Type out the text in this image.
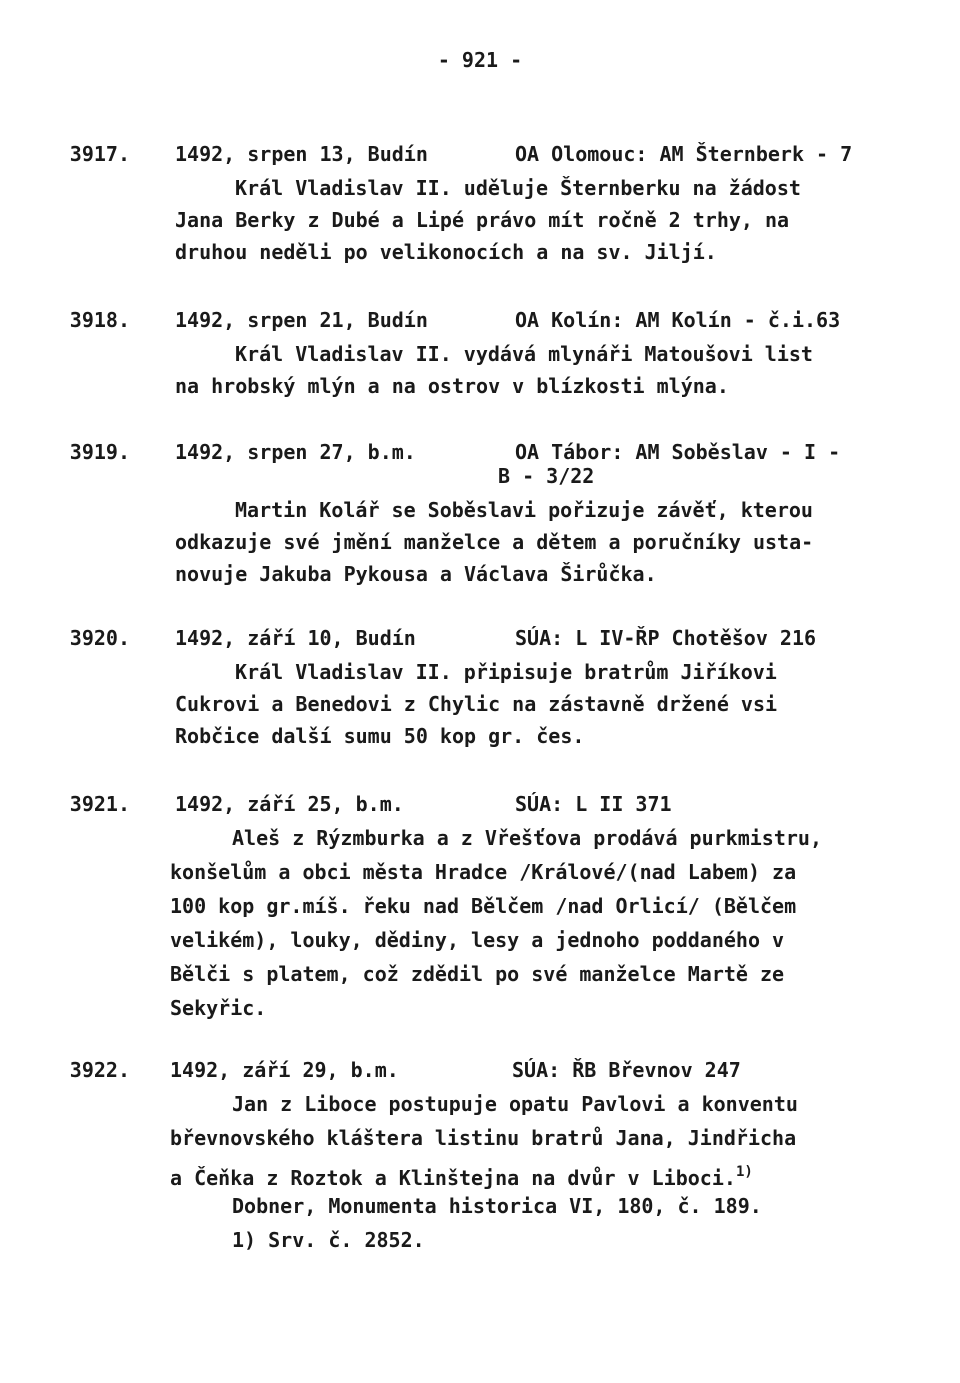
- 921 -
3917. 1492, srpen 13, Budín	OA Olomouc: AM Šternberk - 7
Král Vladislav II. uděluje Šternberku na žádost
Jana Berky z Dubé a Lipé právo mít ročně 2 trhy, na
druhou neděli po velikonocích a na sv. Jiljí.
3918. 1492, srpen 21, Budín	OA Kolín: AM Kolín - č.i.63
Král Vladislav II. vydává mlynáři Matoušovi list
na hrobský mlýn a na ostrov v blízkosti mlýna.
3919. 1492, srpen 27, b.m.	OA Tábor: AM Soběslav - I -
B - 3/22
Martin Kolář se Soběslavi pořizuje závěť, kterou
odkazuje své jmění manželce a dětem a poručníky usta-
novuje Jakuba Pykousa a Václava Širůčka.
3920. 1492, září 10, Budín	SÚA: L IV-ŘP Chotěšov 216
Král Vladislav II. připisuje bratrům Jiříkovi
Cukrovi a Benedovi z Chylic na zástavně držené vsi
Robčice další sumu 50 kop gr. čes.
3921. 1492, září 25, b.m.	SÚA: L II 371
Aleš z Rýzmburka a z Vřešťova prodává purkmistru,
konšelům a obci města Hradce /Králové/(nad Labem) za
100 kop gr.míš. řeku nad Bělčem /nad Orlicí/ (Bělčem
velikém), louky, dědiny, lesy a jednoho poddaného v
Bělči s platem, což zdědil po své manželce Martě ze
Sekyřic.
3922. 1492, září 29, b.m.	SÚA: ŘB Břevnov 247
Jan z Liboce postupuje opatu Pavlovi a konventu
břevnovského kláštera listinu bratrů Jana, Jindřicha
a Čeňka z Roztok a Klinštejna na dvůr v Liboci.$^{1)}$
Dobner, Monumenta historica VI, 180, č. 189.
1) Srv. č. 2852.
